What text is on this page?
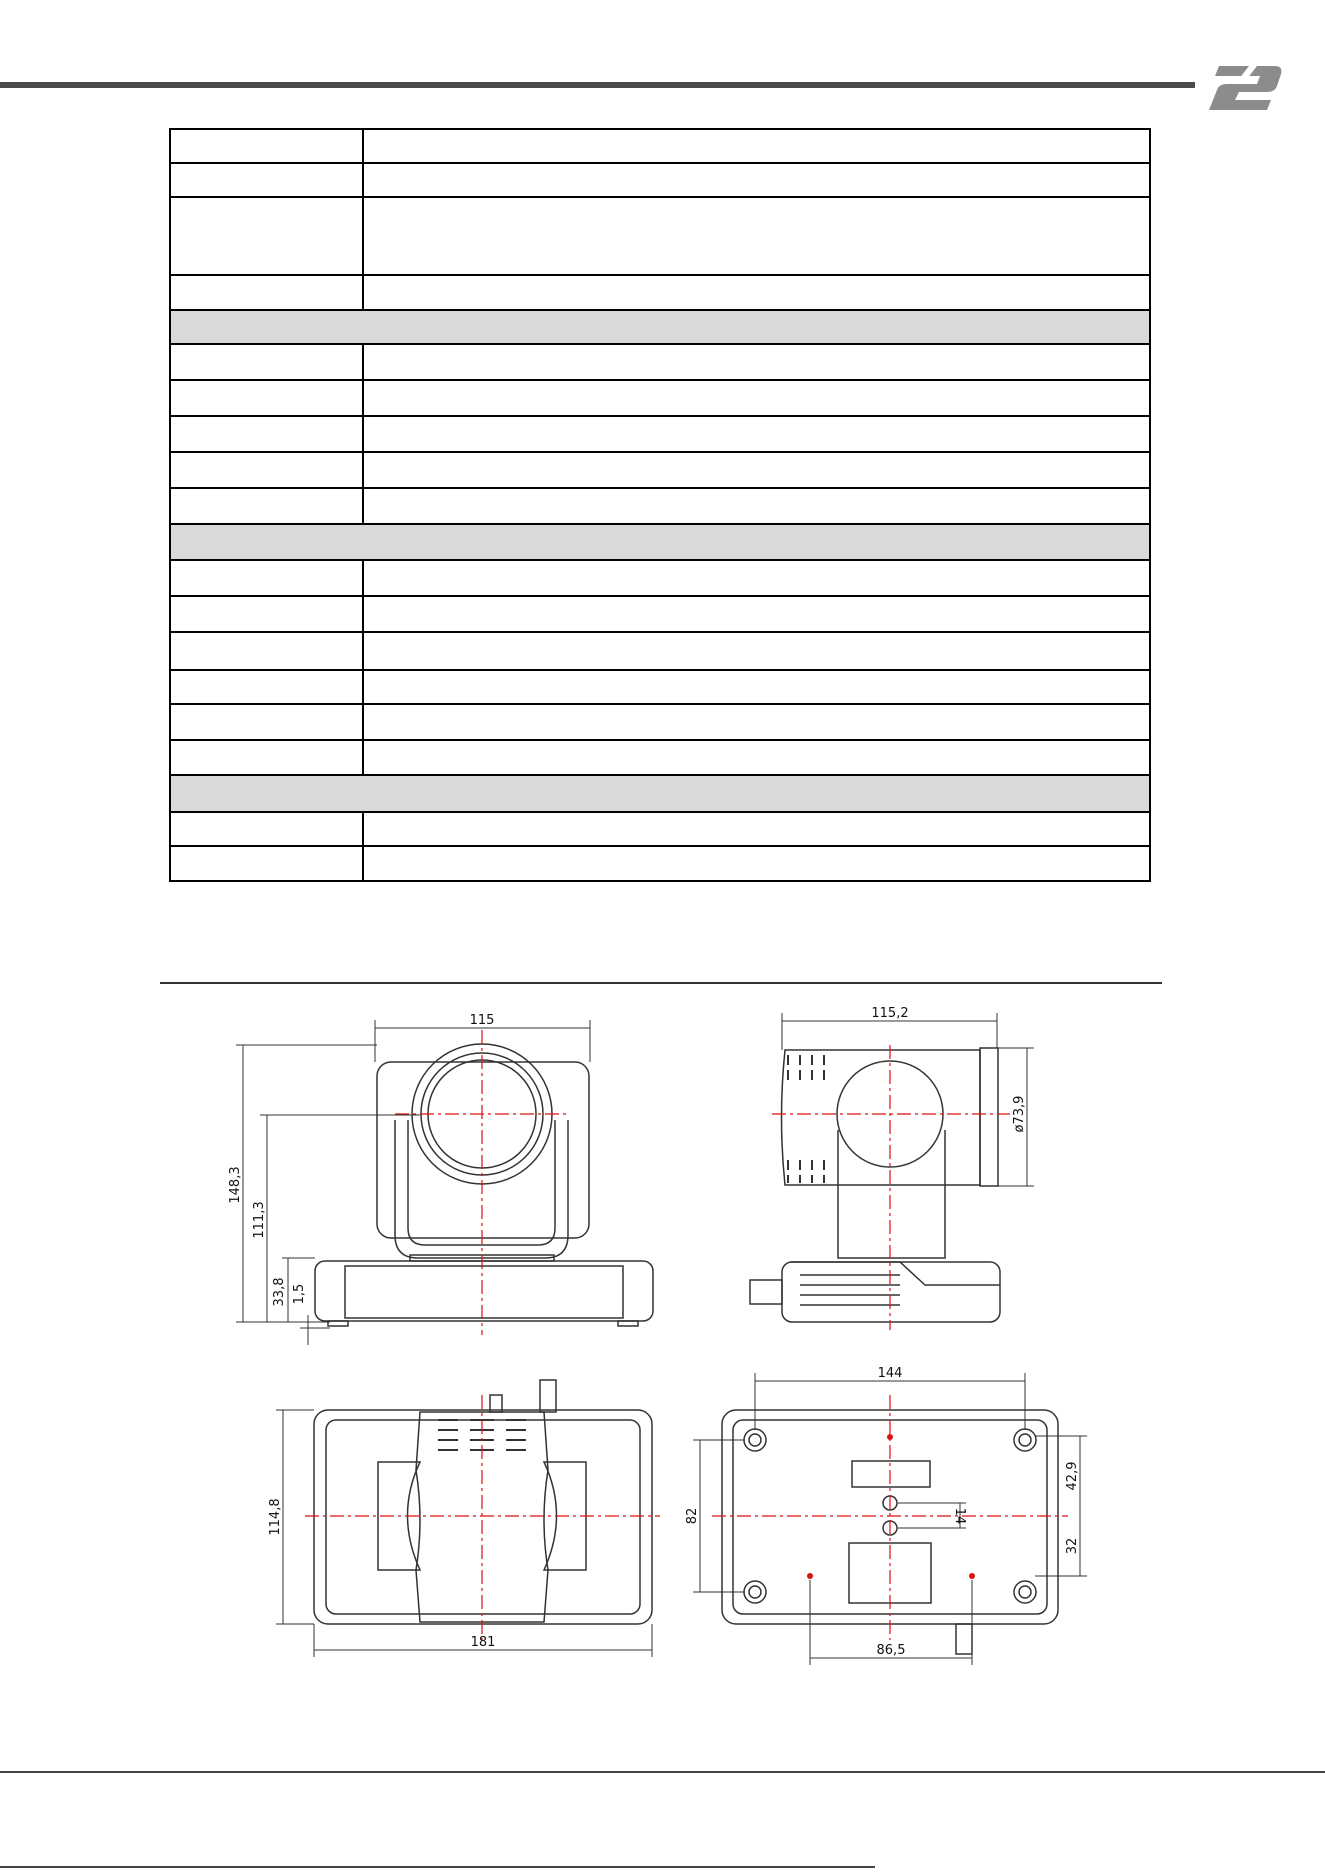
115
148,3
111,3
33,8 1,5
115,2
ø73,9
114,8
181
144
82
42,9
32
14
86,5
